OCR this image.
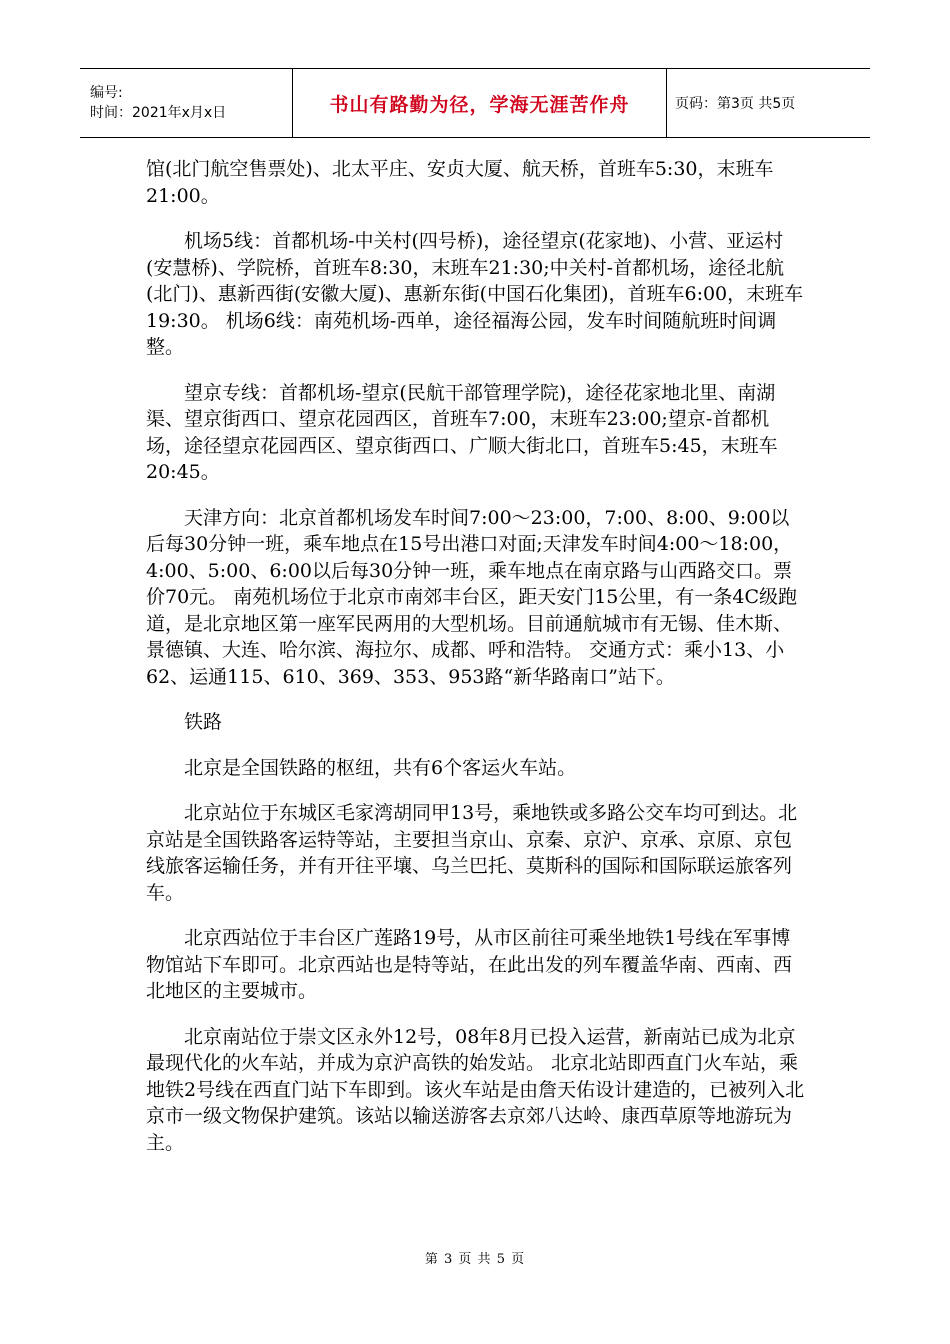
编号:
时间：2021年x月x日	书山有路勤为径，学海无涯苦作舟	页码：第3页 共5页

馆(北门航空售票处)、北太平庄、安贞大厦、航天桥，首班车5:30，末班车21:00。

机场5线：首都机场-中关村(四号桥)，途径望京(花家地)、小营、亚运村(安慧桥)、学院桥，首班车8:30，末班车21:30;中关村-首都机场，途径北航(北门)、惠新西街(安徽大厦)、惠新东街(中国石化集团)，首班车6:00，末班车19:30。 机场6线：南苑机场-西单，途径福海公园，发车时间随航班时间调整。

望京专线：首都机场-望京(民航干部管理学院)，途径花家地北里、南湖渠、望京街西口、望京花园西区，首班车7:00，末班车23:00;望京-首都机场，途径望京花园西区、望京街西口、广顺大街北口，首班车5:45，末班车20:45。

天津方向：北京首都机场发车时间7:00～23:00，7:00、8:00、9:00以后每30分钟一班，乘车地点在15号出港口对面;天津发车时间4:00～18:00，4:00、5:00、6:00以后每30分钟一班，乘车地点在南京路与山西路交口。票价70元。 南苑机场位于北京市南郊丰台区，距天安门15公里，有一条4C级跑道，是北京地区第一座军民两用的大型机场。目前通航城市有无锡、佳木斯、景德镇、大连、哈尔滨、海拉尔、成都、呼和浩特。 交通方式：乘小13、小62、运通115、610、369、353、953路“新华路南口”站下。

铁路

北京是全国铁路的枢纽，共有6个客运火车站。

北京站位于东城区毛家湾胡同甲13号，乘地铁或多路公交车均可到达。北京站是全国铁路客运特等站，主要担当京山、京秦、京沪、京承、京原、京包线旅客运输任务，并有开往平壤、乌兰巴托、莫斯科的国际和国际联运旅客列车。

北京西站位于丰台区广莲路19号，从市区前往可乘坐地铁1号线在军事博物馆站下车即可。北京西站也是特等站，在此出发的列车覆盖华南、西南、西北地区的主要城市。

北京南站位于崇文区永外12号，08年8月已投入运营，新南站已成为北京最现代化的火车站，并成为京沪高铁的始发站。 北京北站即西直门火车站，乘地铁2号线在西直门站下车即到。该火车站是由詹天佑设计建造的，已被列入北京市一级文物保护建筑。该站以输送游客去京郊八达岭、康西草原等地游玩为主。

第 3 页 共 5 页
